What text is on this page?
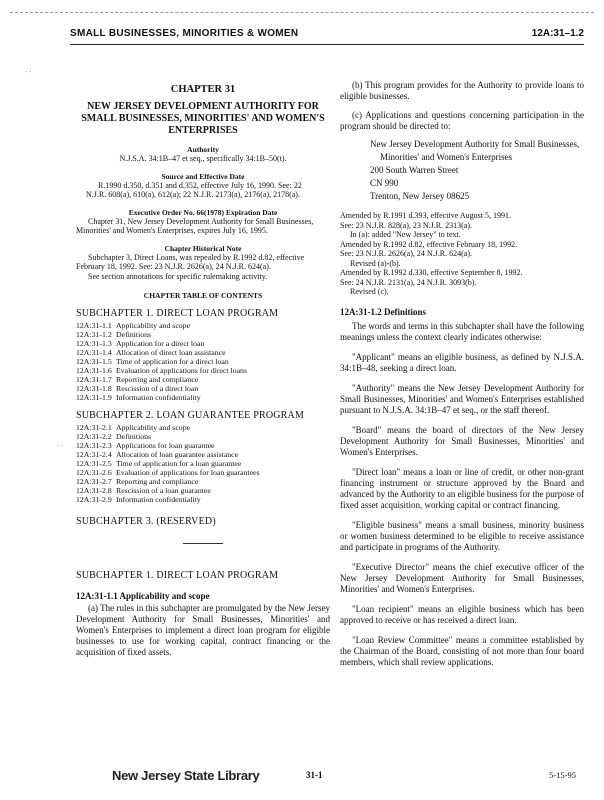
SMALL BUSINESSES, MINORITIES & WOMEN	12A:31–1.2
⸱ ⸱
. .
CHAPTER 31
NEW JERSEY DEVELOPMENT AUTHORITY FOR SMALL BUSINESSES, MINORITIES' AND WOMEN'S ENTERPRISES
Authority
N.J.S.A. 34:1B–47 et seq., specifically 34:1B–50(t).
Source and Effective Date
R.1990 d.350, d.351 and d.352, effective July 16, 1990. See: 22 N.J.R. 608(a), 610(a), 612(a); 22 N.J.R. 2173(a), 2176(a), 2178(a).
Executive Order No. 66(1978) Expiration Date
Chapter 31, New Jersey Development Authority for Small Businesses, Minorities' and Women's Enterprises, expires July 16, 1995.
Chapter Historical Note
Subchapter 3, Direct Loans, was repealed by R.1992 d.82, effective February 18, 1992. See: 23 N.J.R. 2626(a), 24 N.J.R. 624(a).
See section annotations for specific rulemaking activity.
CHAPTER TABLE OF CONTENTS
SUBCHAPTER 1. DIRECT LOAN PROGRAM
12A:31-1.1	Applicability and scope
12A:31-1.2	Definitions
12A:31-1.3	Application for a direct loan
12A:31-1.4	Allocation of direct loan assistance
12A:31-1.5	Time of application for a direct loan
12A:31-1.6	Evaluation of applications for direct loans
12A:31-1.7	Reporting and compliance
12A:31-1.8	Rescission of a direct loan
12A:31-1.9	Information confidentiality
SUBCHAPTER 2. LOAN GUARANTEE PROGRAM
12A:31-2.1	Applicability and scope
12A:31-2.2	Definitions
12A:31-2.3	Applications for loan guarantee
12A:31-2.4	Allocation of loan guarantee assistance
12A:31-2.5	Time of application for a loan guarantee
12A:31-2.6	Evaluation of applications for loan guarantees
12A:31-2.7	Reporting and compliance
12A:31-2.8	Rescission of a loan guarantee
12A:31-2.9	Information confidentiality
SUBCHAPTER 3. (RESERVED)
SUBCHAPTER 1. DIRECT LOAN PROGRAM
12A:31-1.1 Applicability and scope

(a) The rules in this subchapter are promulgated by the New Jersey Development Authority for Small Businesses, Minorities' and Women's Enterprises to implement a direct loan program for eligible businesses to use for working capital, contract financing or the acquisition of fixed assets.

(b) This program provides for the Authority to provide loans to eligible businesses.

(c) Applications and questions concerning participation in the program should be directed to:

New Jersey Development Authority for Small Businesses, Minorities' and Women's Enterprises
200 South Warren Street
CN 990
Trenton, New Jersey 08625
Amended by R.1991 d.393, effective August 5, 1991.
See: 23 N.J.R. 828(a), 23 N.J.R. 2313(a).
In (a): added "New Jersey" to text.
Amended by R.1992 d.82, effective February 18, 1992.
See: 23 N.J.R. 2626(a), 24 N.J.R. 624(a).
Revised (a)-(b).
Amended by R.1992 d.330, effective September 8, 1992.
See: 24 N.J.R. 2131(a), 24 N.J.R. 3093(b).
Revised (c).
12A:31-1.2 Definitions

The words and terms in this subchapter shall have the following meanings unless the context clearly indicates otherwise:

"Applicant" means an eligible business, as defined by N.J.S.A. 34:1B–48, seeking a direct loan.

"Authority" means the New Jersey Development Authority for Small Businesses, Minorities' and Women's Enterprises established pursuant to N.J.S.A. 34:1B–47 et seq., or the staff thereof.

"Board" means the board of directors of the New Jersey Development Authority for Small Businesses, Minorities' and Women's Enterprises.

"Direct loan" means a loan or line of credit, or other non-grant financing instrument or structure approved by the Board and advanced by the Authority to an eligible business for the purpose of fixed asset acquisition, working capital or contract financing.

"Eligible business" means a small business, minority business or women business determined to be eligible to receive assistance and participate in programs of the Authority.

"Executive Director" means the chief executive officer of the New Jersey Development Authority for Small Businesses, Minorities' and Women's Enterprises.

"Loan recipient" means an eligible business which has been approved to receive or has received a direct loan.

"Loan Review Committee" means a committee established by the Chairman of the Board, consisting of not more than four board members, which shall review applications.

New Jersey State Library	31-1	5-15-95
